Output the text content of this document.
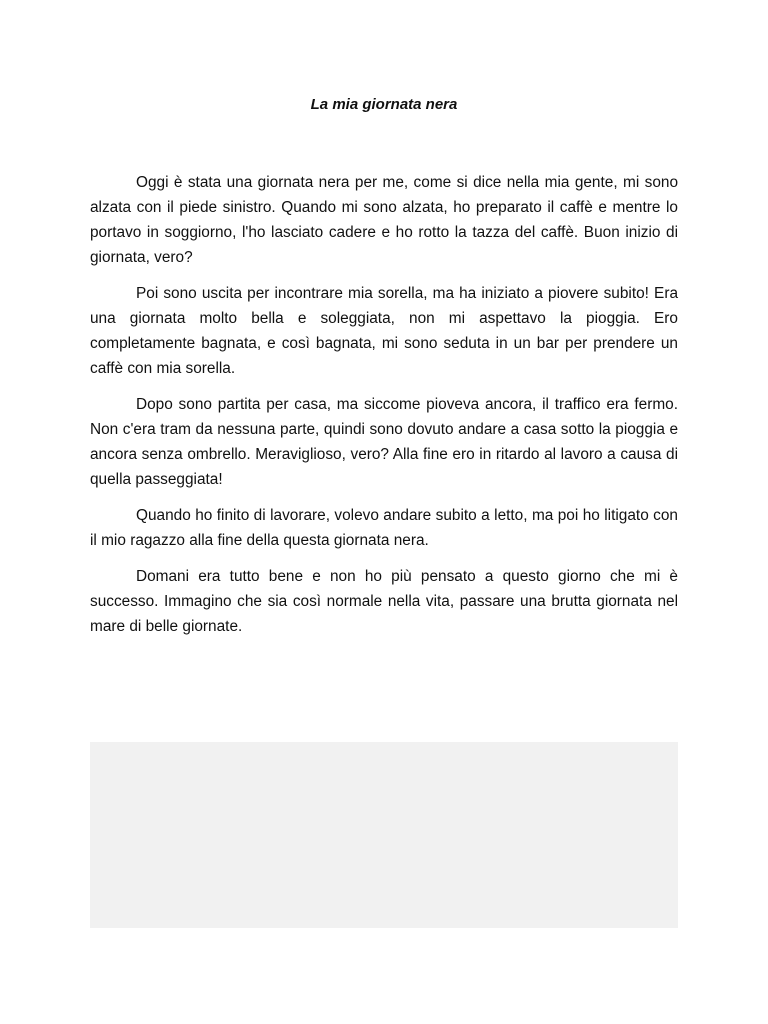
La mia giornata nera

Oggi è stata una giornata nera per me, come si dice nella mia gente, mi sono alzata con il piede sinistro. Quando mi sono alzata, ho preparato il caffè e mentre lo portavo in soggiorno, l'ho lasciato cadere e ho rotto la tazza del caffè. Buon inizio di giornata, vero?

Poi sono uscita per incontrare mia sorella, ma ha iniziato a piovere subito! Era una giornata molto bella e soleggiata, non mi aspettavo la pioggia. Ero completamente bagnata, e così bagnata, mi sono seduta in un bar per prendere un caffè con mia sorella.

Dopo sono partita per casa, ma siccome pioveva ancora, il traffico era fermo. Non c'era tram da nessuna parte, quindi sono dovuto andare a casa sotto la pioggia e ancora senza ombrello. Meraviglioso, vero? Alla fine ero in ritardo al lavoro a causa di quella passeggiata!

Quando ho finito di lavorare, volevo andare subito a letto, ma poi ho litigato con il mio ragazzo alla fine della questa giornata nera.

Domani era tutto bene e non ho più pensato a questo giorno che mi è successo. Immagino che sia così normale nella vita, passare una brutta giornata nel mare di belle giornate.
